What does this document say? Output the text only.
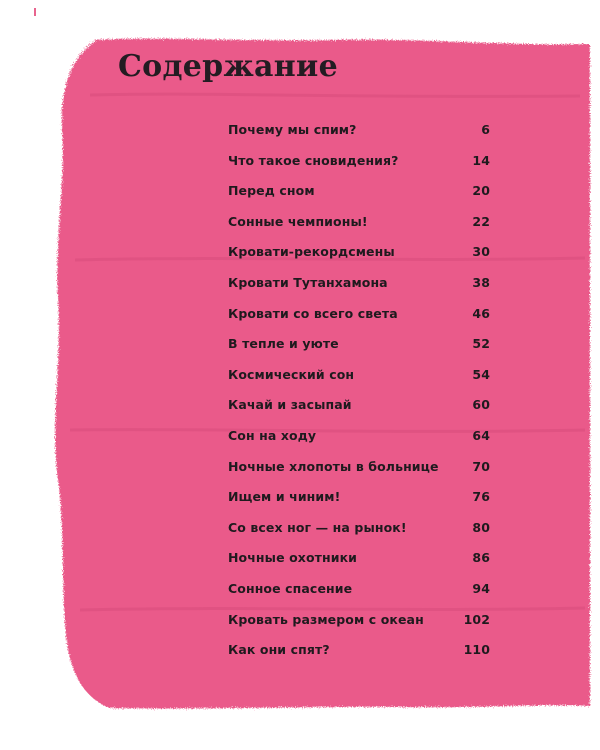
Содержание
Почему мы спим?	6
Что такое сновидения?	14
Перед сном	20
Сонные чемпионы!	22
Кровати-рекордсмены	30
Кровати Тутанхамона	38
Кровати со всего света	46
В тепле и уюте	52
Космический сон	54
Качай и засыпай	60
Сон на ходу	64
Ночные хлопоты в больнице	70
Ищем и чиним!	76
Со всех ног — на рынок!	80
Ночные охотники	86
Сонное спасение	94
Кровать размером с океан	102
Как они спят?	110
